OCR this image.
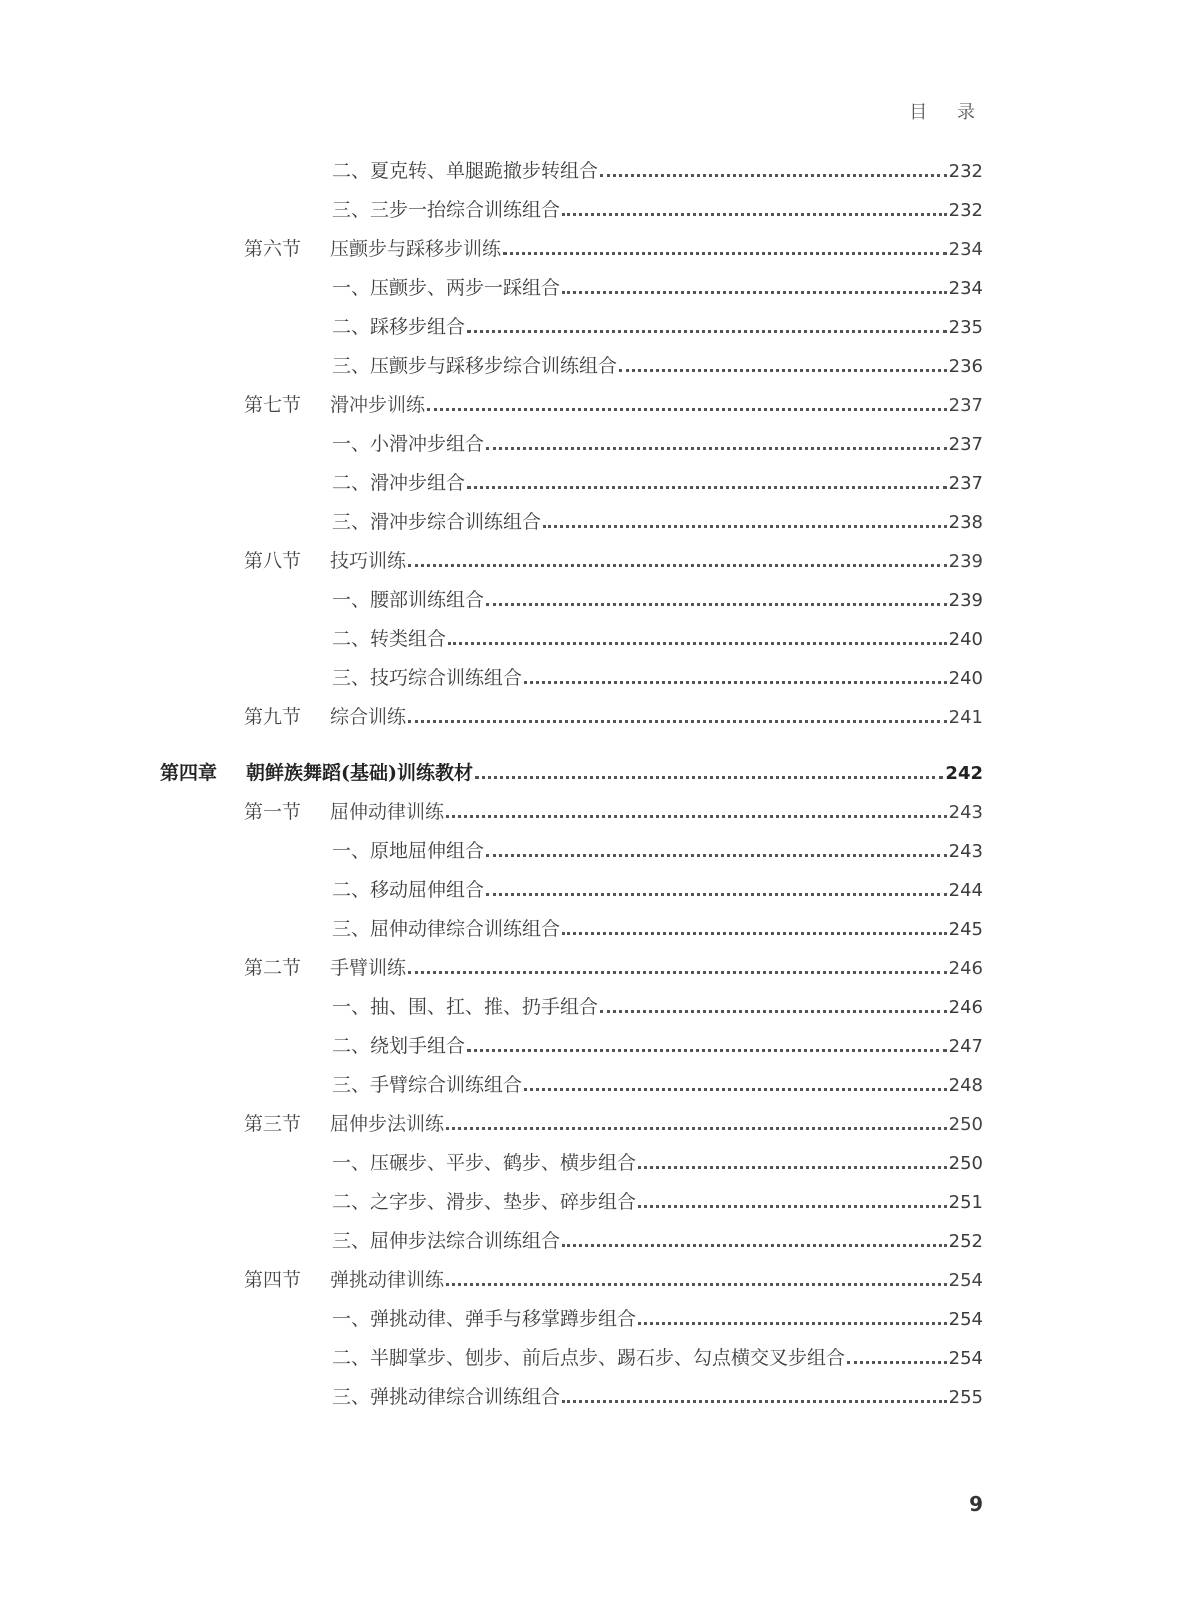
目 录
二、夏克转、单腿跪撤步转组合	232
三、三步一抬综合训练组合	232
第六节	压颤步与踩移步训练	234
一、压颤步、两步一踩组合	234
二、踩移步组合	235
三、压颤步与踩移步综合训练组合	236
第七节	滑冲步训练	237
一、小滑冲步组合	237
二、滑冲步组合	237
三、滑冲步综合训练组合	238
第八节	技巧训练	239
一、腰部训练组合	239
二、转类组合	240
三、技巧综合训练组合	240
第九节	综合训练	241
第四章	朝鲜族舞蹈(基础)训练教材	242
第一节	屈伸动律训练	243
一、原地屈伸组合	243
二、移动屈伸组合	244
三、屈伸动律综合训练组合	245
第二节	手臂训练	246
一、抽、围、扛、推、扔手组合	246
二、绕划手组合	247
三、手臂综合训练组合	248
第三节	屈伸步法训练	250
一、压碾步、平步、鹤步、横步组合	250
二、之字步、滑步、垫步、碎步组合	251
三、屈伸步法综合训练组合	252
第四节	弹挑动律训练	254
一、弹挑动律、弹手与移掌蹲步组合	254
二、半脚掌步、刨步、前后点步、踢石步、勾点横交叉步组合	254
三、弹挑动律综合训练组合	255
9
